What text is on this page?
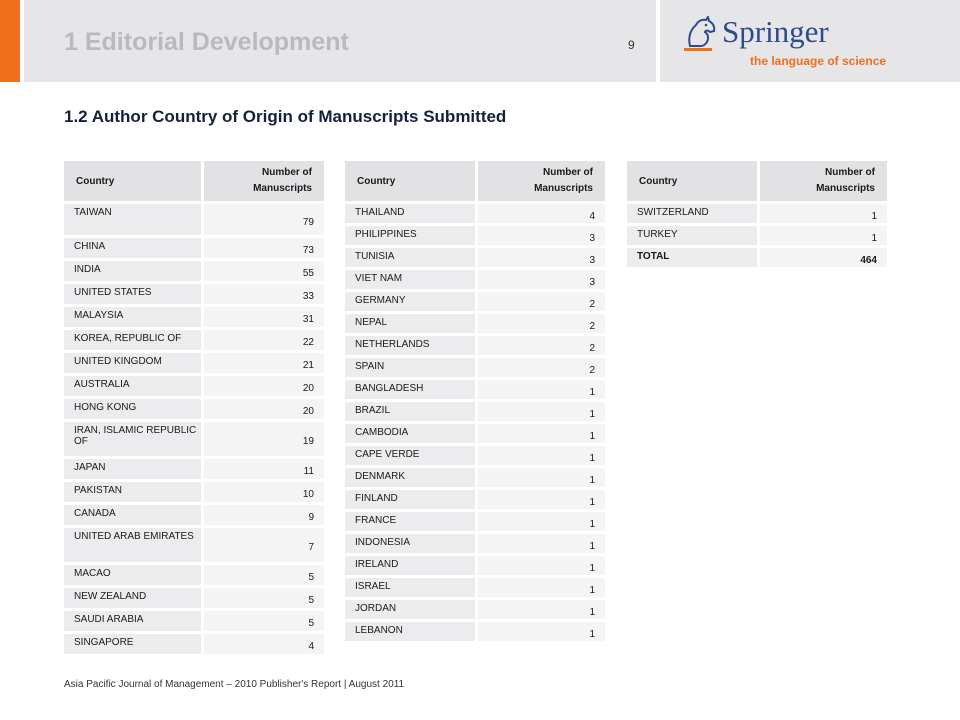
1 Editorial Development	9	Springer
the language of science
1.2 Author Country of Origin of Manuscripts Submitted
Country	Number of
Manuscripts
TAIWAN	79
CHINA	73
INDIA	55
UNITED STATES	33
MALAYSIA	31
KOREA, REPUBLIC OF	22
UNITED KINGDOM	21
AUSTRALIA	20
HONG KONG	20
IRAN, ISLAMIC REPUBLIC OF	19
JAPAN	11
PAKISTAN	10
CANADA	9
UNITED ARAB EMIRATES	7
MACAO	5
NEW ZEALAND	5
SAUDI ARABIA	5
SINGAPORE	4
Country	Number of
Manuscripts
THAILAND	4
PHILIPPINES	3
TUNISIA	3
VIET NAM	3
GERMANY	2
NEPAL	2
NETHERLANDS	2
SPAIN	2
BANGLADESH	1
BRAZIL	1
CAMBODIA	1
CAPE VERDE	1
DENMARK	1
FINLAND	1
FRANCE	1
INDONESIA	1
IRELAND	1
ISRAEL	1
JORDAN	1
LEBANON	1
Country	Number of
Manuscripts
SWITZERLAND	1
TURKEY	1
TOTAL	464
Asia Pacific Journal of Management – 2010 Publisher's Report | August 2011
